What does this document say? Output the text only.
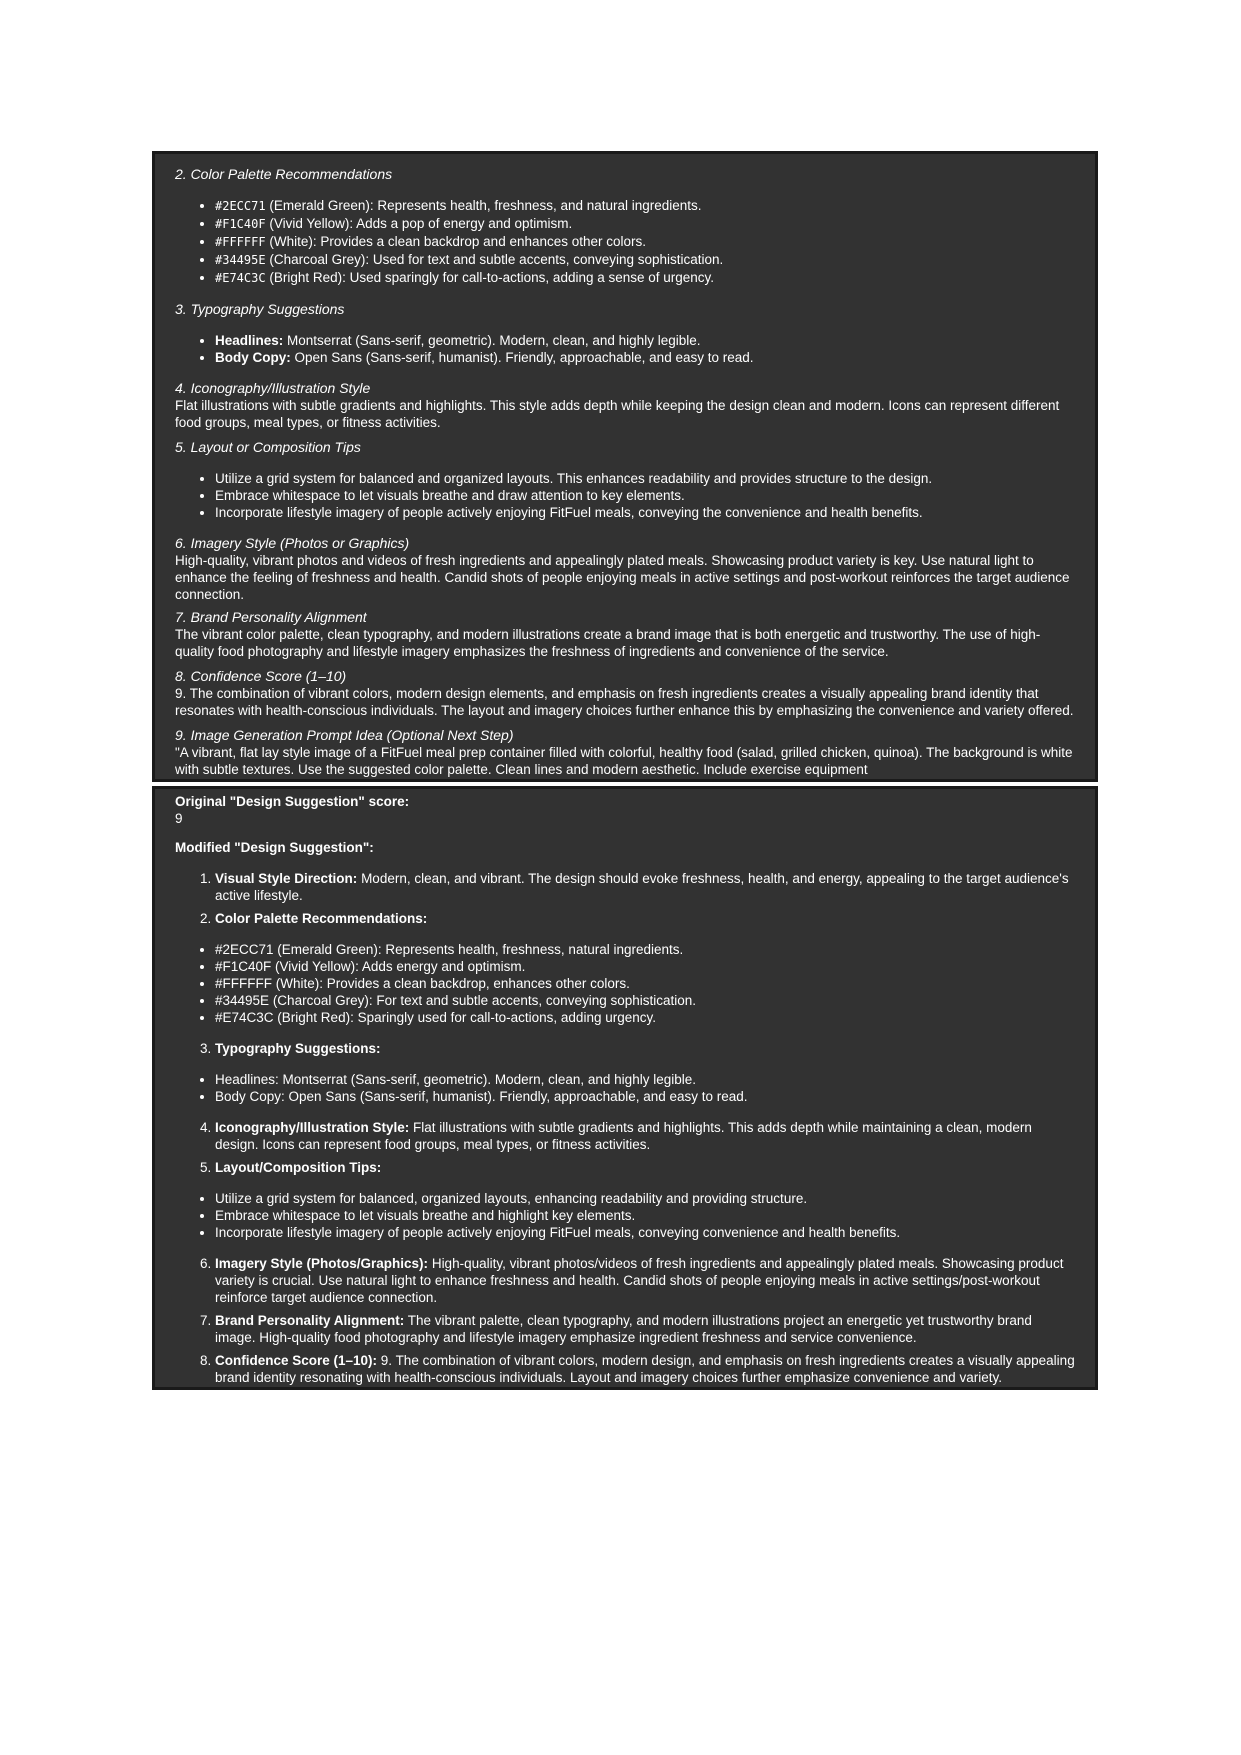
2. Color Palette Recommendations

• #2ECC71 (Emerald Green): Represents health, freshness, and natural ingredients.
• #F1C40F (Vivid Yellow): Adds a pop of energy and optimism.
• #FFFFFF (White): Provides a clean backdrop and enhances other colors.
• #34495E (Charcoal Grey): Used for text and subtle accents, conveying sophistication.
• #E74C3C (Bright Red): Used sparingly for call-to-actions, adding a sense of urgency.

3. Typography Suggestions

• Headlines: Montserrat (Sans-serif, geometric). Modern, clean, and highly legible.
• Body Copy: Open Sans (Sans-serif, humanist). Friendly, approachable, and easy to read.

4. Iconography/Illustration Style

Flat illustrations with subtle gradients and highlights. This style adds depth while keeping the design clean and modern. Icons can represent different food groups, meal types, or fitness activities.

5. Layout or Composition Tips

• Utilize a grid system for balanced and organized layouts. This enhances readability and provides structure to the design.
• Embrace whitespace to let visuals breathe and draw attention to key elements.
• Incorporate lifestyle imagery of people actively enjoying FitFuel meals, conveying the convenience and health benefits.

6. Imagery Style (Photos or Graphics)

High-quality, vibrant photos and videos of fresh ingredients and appealingly plated meals. Showcasing product variety is key. Use natural light to enhance the feeling of freshness and health. Candid shots of people enjoying meals in active settings and post-workout reinforces the target audience connection.

7. Brand Personality Alignment

The vibrant color palette, clean typography, and modern illustrations create a brand image that is both energetic and trustworthy. The use of high-quality food photography and lifestyle imagery emphasizes the freshness of ingredients and convenience of the service.

8. Confidence Score (1–10)

9. The combination of vibrant colors, modern design elements, and emphasis on fresh ingredients creates a visually appealing brand identity that resonates with health-conscious individuals. The layout and imagery choices further enhance this by emphasizing the convenience and variety offered.

9. Image Generation Prompt Idea (Optional Next Step)

"A vibrant, flat lay style image of a FitFuel meal prep container filled with colorful, healthy food (salad, grilled chicken, quinoa). The background is white with subtle textures. Use the suggested color palette. Clean lines and modern aesthetic. Include exercise equipment

Original "Design Suggestion" score:

9

Modified "Design Suggestion":

1. Visual Style Direction: Modern, clean, and vibrant. The design should evoke freshness, health, and energy, appealing to the target audience's active lifestyle.
2. Color Palette Recommendations:
• #2ECC71 (Emerald Green): Represents health, freshness, natural ingredients.
• #F1C40F (Vivid Yellow): Adds energy and optimism.
• #FFFFFF (White): Provides a clean backdrop, enhances other colors.
• #34495E (Charcoal Grey): For text and subtle accents, conveying sophistication.
• #E74C3C (Bright Red): Sparingly used for call-to-actions, adding urgency.
3. Typography Suggestions:
• Headlines: Montserrat (Sans-serif, geometric). Modern, clean, and highly legible.
• Body Copy: Open Sans (Sans-serif, humanist). Friendly, approachable, and easy to read.
4. Iconography/Illustration Style: Flat illustrations with subtle gradients and highlights. This adds depth while maintaining a clean, modern design. Icons can represent food groups, meal types, or fitness activities.
5. Layout/Composition Tips:
• Utilize a grid system for balanced, organized layouts, enhancing readability and providing structure.
• Embrace whitespace to let visuals breathe and highlight key elements.
• Incorporate lifestyle imagery of people actively enjoying FitFuel meals, conveying convenience and health benefits.
6. Imagery Style (Photos/Graphics): High-quality, vibrant photos/videos of fresh ingredients and appealingly plated meals. Showcasing product variety is crucial. Use natural light to enhance freshness and health. Candid shots of people enjoying meals in active settings/post-workout reinforce target audience connection.
7. Brand Personality Alignment: The vibrant palette, clean typography, and modern illustrations project an energetic yet trustworthy brand image. High-quality food photography and lifestyle imagery emphasize ingredient freshness and service convenience.
8. Confidence Score (1–10): 9. The combination of vibrant colors, modern design, and emphasis on fresh ingredients creates a visually appealing brand identity resonating with health-conscious individuals. Layout and imagery choices further emphasize convenience and variety.
